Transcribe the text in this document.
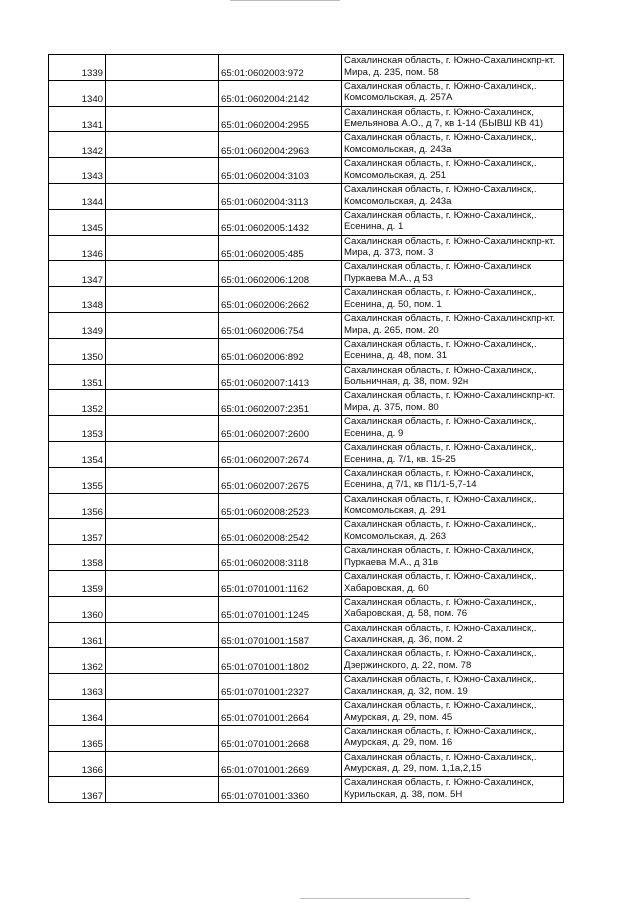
1339		65:01:0602003:972	Сахалинская область, г. Южно-Сахалинскпр-кт.
Мира, д. 235, пом. 58

1340		65:01:0602004:2142	Сахалинская область, г. Южно-Сахалинск,.
Комсомольская, д. 257А

1341		65:01:0602004:2955	Сахалинская область, г. Южно-Сахалинск,
Емельянова А.О., д 7, кв 1-14 (БЫВШ КВ 41)

1342		65:01:0602004:2963	Сахалинская область, г. Южно-Сахалинск,.
Комсомольская, д. 243а

1343		65:01:0602004:3103	Сахалинская область, г. Южно-Сахалинск,.
Комсомольская, д. 251

1344		65:01:0602004:3113	Сахалинская область, г. Южно-Сахалинск,.
Комсомольская, д. 243а

1345		65:01:0602005:1432	Сахалинская область, г. Южно-Сахалинск,.
Есенина, д. 1

1346		65:01:0602005:485	Сахалинская область, г. Южно-Сахалинскпр-кт.
Мира, д. 373, пом. 3

1347		65:01:0602006:1208	Сахалинская область, г. Южно-Сахалинск
Пуркаева М.А., д 53

1348		65:01:0602006:2662	Сахалинская область, г. Южно-Сахалинск,.
Есенина, д. 50, пом. 1

1349		65:01:0602006:754	Сахалинская область, г. Южно-Сахалинскпр-кт.
Мира, д. 265, пом. 20

1350		65:01:0602006:892	Сахалинская область, г. Южно-Сахалинск,.
Есенина, д. 48, пом. 31

1351		65:01:0602007:1413	Сахалинская область, г. Южно-Сахалинск,.
Больничная, д. 38, пом. 92н

1352		65:01:0602007:2351	Сахалинская область, г. Южно-Сахалинскпр-кт.
Мира, д. 375, пом. 80

1353		65:01:0602007:2600	Сахалинская область, г. Южно-Сахалинск,.
Есенина, д. 9

1354		65:01:0602007:2674	Сахалинская область, г. Южно-Сахалинск,.
Есенина, д. 7/1, кв. 15-25

1355		65:01:0602007:2675	Сахалинская область, г. Южно-Сахалинск,
Есенина, д 7/1, кв П1/1-5,7-14

1356		65:01:0602008:2523	Сахалинская область, г. Южно-Сахалинск,.
Комсомольская, д. 291

1357		65:01:0602008:2542	Сахалинская область, г. Южно-Сахалинск,.
Комсомольская, д. 263

1358		65:01:0602008:3118	Сахалинская область, г. Южно-Сахалинск,
Пуркаева М.А., д 31в

1359		65:01:0701001:1162	Сахалинская область, г. Южно-Сахалинск,.
Хабаровская, д. 60

1360		65:01:0701001:1245	Сахалинская область, г. Южно-Сахалинск,.
Хабаровская, д. 58, пом. 76

1361		65:01:0701001:1587	Сахалинская область, г. Южно-Сахалинск,.
Сахалинская, д. 36, пом. 2

1362		65:01:0701001:1802	Сахалинская область, г. Южно-Сахалинск,.
Дзержинского, д. 22, пом. 78

1363		65:01:0701001:2327	Сахалинская область, г. Южно-Сахалинск,.
Сахалинская, д. 32, пом. 19

1364		65:01:0701001:2664	Сахалинская область, г. Южно-Сахалинск,.
Амурская, д. 29, пом. 45

1365		65:01:0701001:2668	Сахалинская область, г. Южно-Сахалинск,.
Амурская, д. 29, пом. 16

1366		65:01:0701001:2669	Сахалинская область, г. Южно-Сахалинск,.
Амурская, д. 29, пом. 1,1а,2,15

1367		65:01:0701001:3360	Сахалинская область, г. Южно-Сахалинск,
Курильская, д. 38, пом. 5Н
